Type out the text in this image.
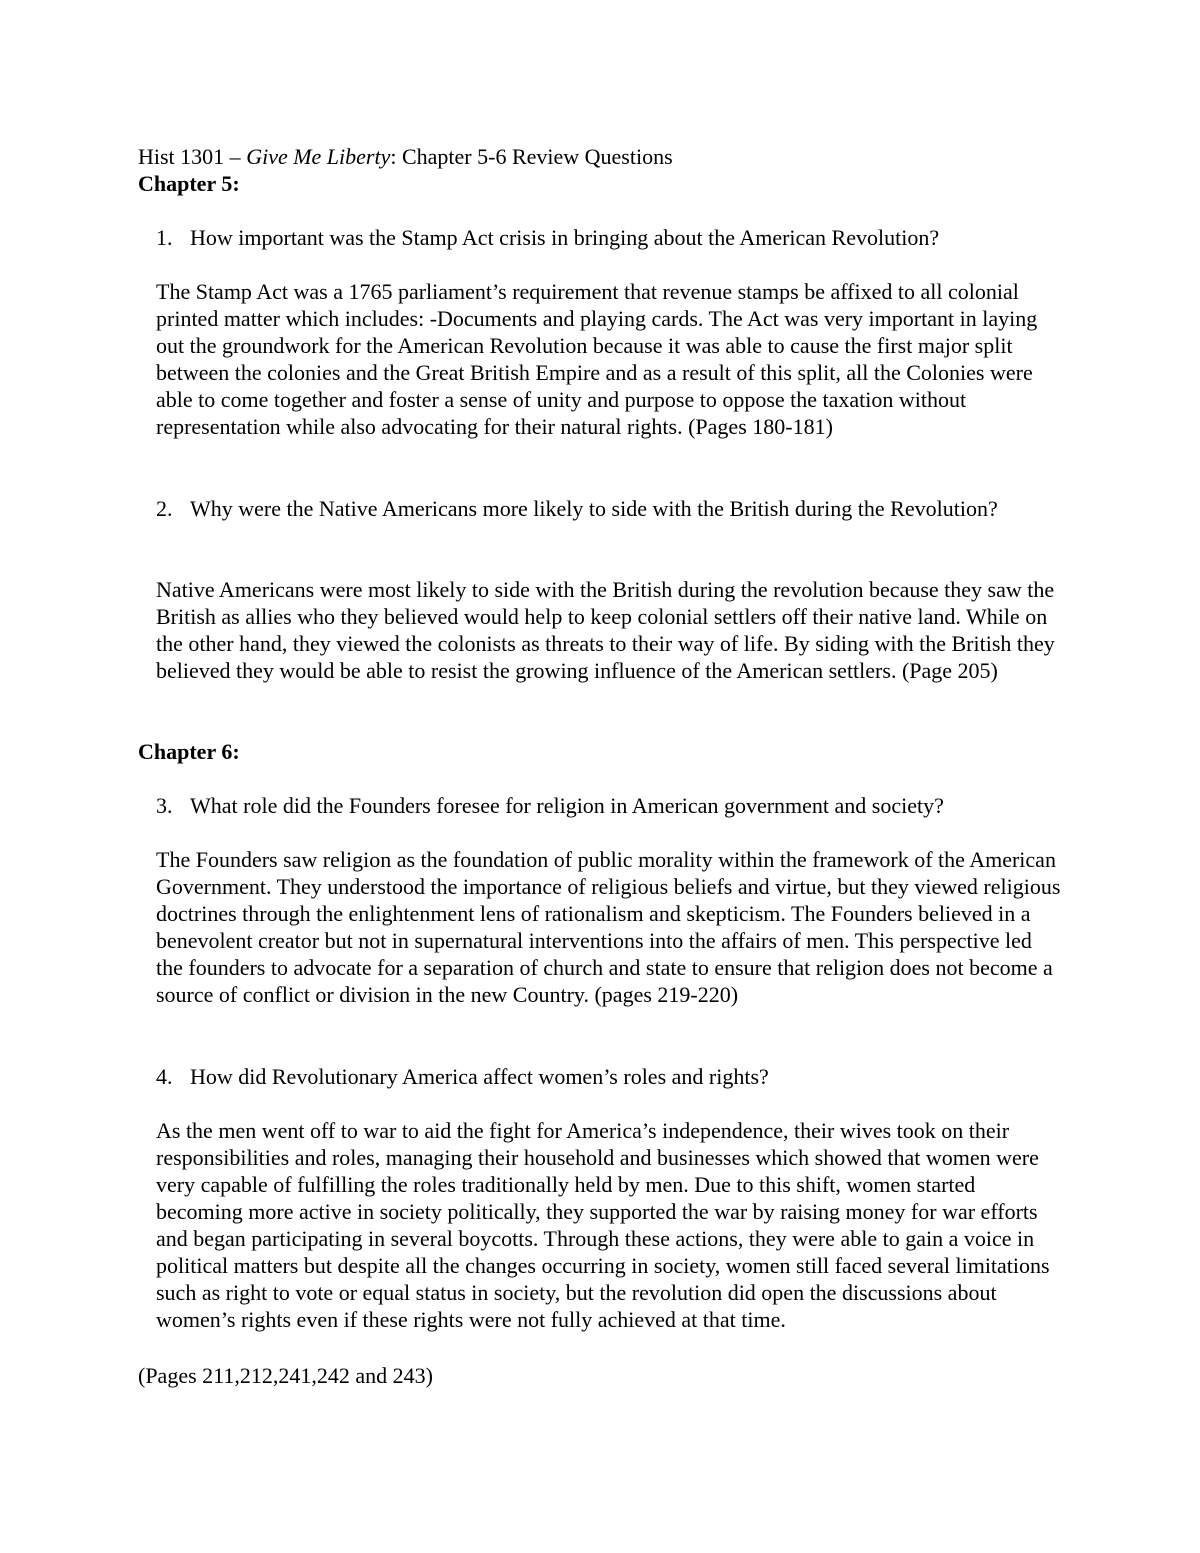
Hist 1301 – Give Me Liberty: Chapter 5-6 Review Questions
Chapter 5:
1. How important was the Stamp Act crisis in bringing about the American Revolution?
The Stamp Act was a 1765 parliament’s requirement that revenue stamps be affixed to all colonial printed matter which includes: -Documents and playing cards. The Act was very important in laying out the groundwork for the American Revolution because it was able to cause the first major split between the colonies and the Great British Empire and as a result of this split, all the Colonies were able to come together and foster a sense of unity and purpose to oppose the taxation without representation while also advocating for their natural rights. (Pages 180-181)
2. Why were the Native Americans more likely to side with the British during the Revolution?
Native Americans were most likely to side with the British during the revolution because they saw the British as allies who they believed would help to keep colonial settlers off their native land. While on the other hand, they viewed the colonists as threats to their way of life. By siding with the British they believed they would be able to resist the growing influence of the American settlers. (Page 205)
Chapter 6:
3. What role did the Founders foresee for religion in American government and society?
The Founders saw religion as the foundation of public morality within the framework of the American Government. They understood the importance of religious beliefs and virtue, but they viewed religious doctrines through the enlightenment lens of rationalism and skepticism. The Founders believed in a benevolent creator but not in supernatural interventions into the affairs of men. This perspective led the founders to advocate for a separation of church and state to ensure that religion does not become a source of conflict or division in the new Country. (pages 219-220)
4. How did Revolutionary America affect women’s roles and rights?
As the men went off to war to aid the fight for America’s independence, their wives took on their responsibilities and roles, managing their household and businesses which showed that women were very capable of fulfilling the roles traditionally held by men. Due to this shift, women started becoming more active in society politically, they supported the war by raising money for war efforts and began participating in several boycotts. Through these actions, they were able to gain a voice in political matters but despite all the changes occurring in society, women still faced several limitations such as right to vote or equal status in society, but the revolution did open the discussions about women’s rights even if these rights were not fully achieved at that time.
(Pages 211,212,241,242 and 243)
